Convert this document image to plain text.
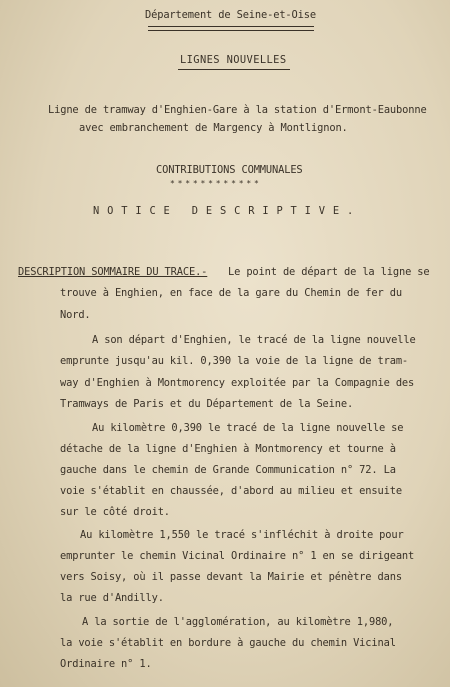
Département de Seine-et-Oise
LIGNES NOUVELLES
Ligne de tramway d'Enghien-Gare à la station d'Ermont-Eaubonne
avec embranchement de Margency à Montlignon.
CONTRIBUTIONS COMMUNALES
* * * * * * * * * * * *
N O T I C E   D E S C R I P T I V E .
DESCRIPTION SOMMAIRE DU TRACE.- Le point de départ de la ligne se
trouve à Enghien, en face de la gare du Chemin de fer du
Nord.
A son départ d'Enghien, le tracé de la ligne nouvelle
emprunte jusqu'au kil. 0,390 la voie de la ligne de tram-
way d'Enghien à Montmorency exploitée par la Compagnie des
Tramways de Paris et du Département de la Seine.
Au kilomètre 0,390 le tracé de la ligne nouvelle se
détache de la ligne d'Enghien à Montmorency et tourne à
gauche dans le chemin de Grande Communication n° 72. La
voie s'établit en chaussée, d'abord au milieu et ensuite
sur le côté droit.
Au kilomètre 1,550 le tracé s'infléchit à droite pour
emprunter le chemin Vicinal Ordinaire n° 1 en se dirigeant
vers Soisy, où il passe devant la Mairie et pénètre dans
la rue d'Andilly.
A la sortie de l'agglomération, au kilomètre 1,980,
la voie s'établit en bordure à gauche du chemin Vicinal
Ordinaire n° 1.
